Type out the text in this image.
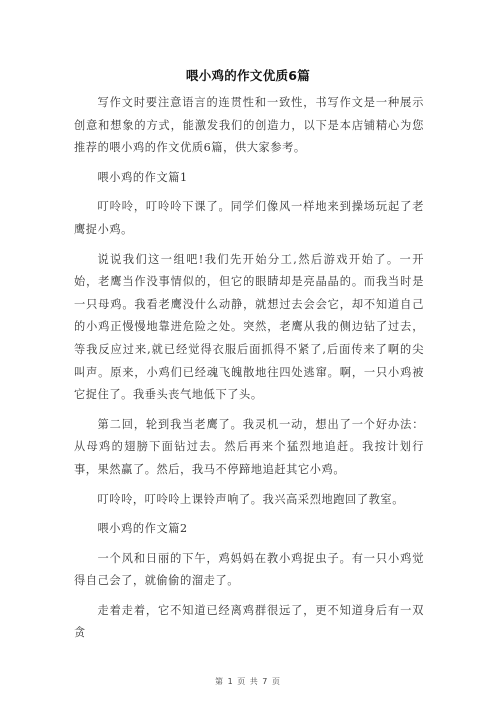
喂小鸡的作文优质6篇

写作文时要注意语言的连贯性和一致性，书写作文是一种展示创意和想象的方式，能激发我们的创造力，以下是本店铺精心为您推荐的喂小鸡的作文优质6篇，供大家参考。

喂小鸡的作文篇1

叮呤呤，叮呤呤下课了。同学们像风一样地来到操场玩起了老鹰捉小鸡。

说说我们这一组吧!我们先开始分工,然后游戏开始了。一开始，老鹰当作没事情似的，但它的眼睛却是亮晶晶的。而我当时是一只母鸡。我看老鹰没什么动静，就想过去会会它，却不知道自己的小鸡正慢慢地靠进危险之处。突然，老鹰从我的侧边钻了过去，等我反应过来,就已经觉得衣服后面抓得不紧了,后面传来了啊的尖叫声。原来，小鸡们已经魂飞魄散地往四处逃窜。啊，一只小鸡被它捉住了。我垂头丧气地低下了头。

第二回，轮到我当老鹰了。我灵机一动，想出了一个好办法：从母鸡的翅膀下面钻过去。然后再来个猛烈地追赶。我按计划行事，果然赢了。然后，我马不停蹄地追赶其它小鸡。

叮呤呤，叮呤呤上课铃声响了。我兴高采烈地跑回了教室。

喂小鸡的作文篇2

一个风和日丽的下午，鸡妈妈在教小鸡捉虫子。有一只小鸡觉得自己会了，就偷偷的溜走了。

走着走着，它不知道已经离鸡群很远了，更不知道身后有一双贪

第 1 页 共 7 页
